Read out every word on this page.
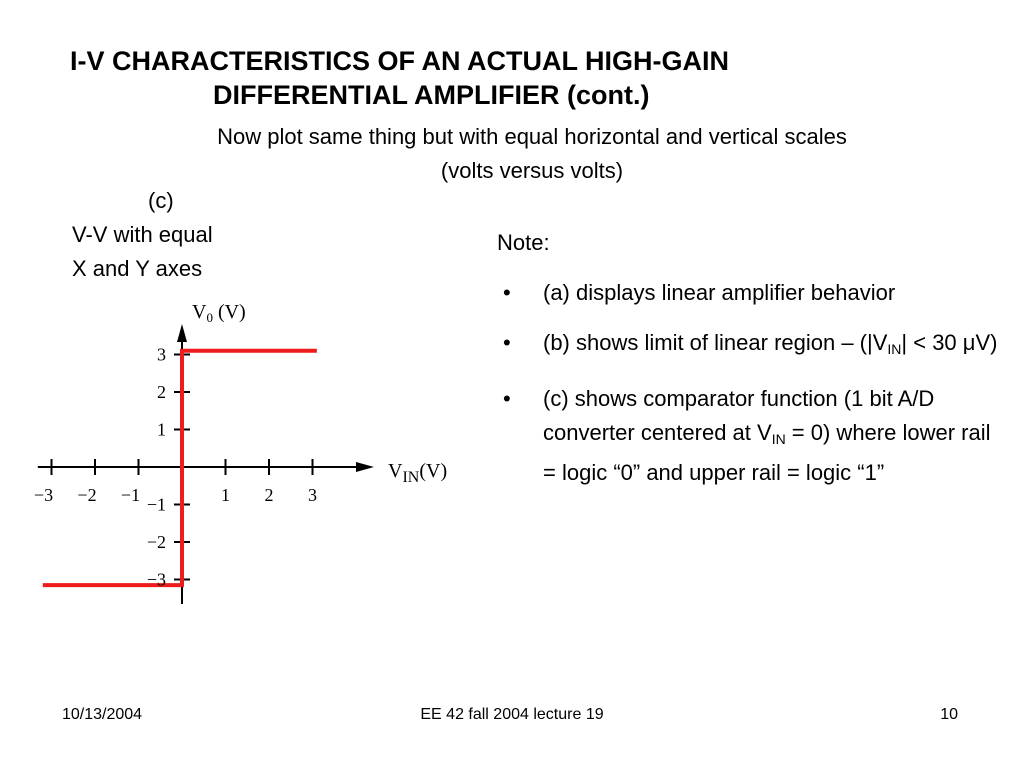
I-V CHARACTERISTICS OF AN ACTUAL HIGH-GAIN
DIFFERENTIAL AMPLIFIER (cont.)
Now plot same thing but with equal horizontal and vertical scales
(volts versus volts)
(c)
V-V with equal
X and Y axes
−3 −2 −1	1 2 3
3
2
1
−1
−2
−3
$V_0$ (V)
$V_{IN}(V)$
Note:
• (a) displays linear amplifier behavior
• (b) shows limit of linear region – ($|V_{IN}| < 30$ μV)
• (c) shows comparator function (1 bit A/D converter centered at $V_{IN} = 0$) where lower rail = logic “0” and upper rail = logic “1”
10/13/2004	EE 42 fall 2004 lecture 19	10
